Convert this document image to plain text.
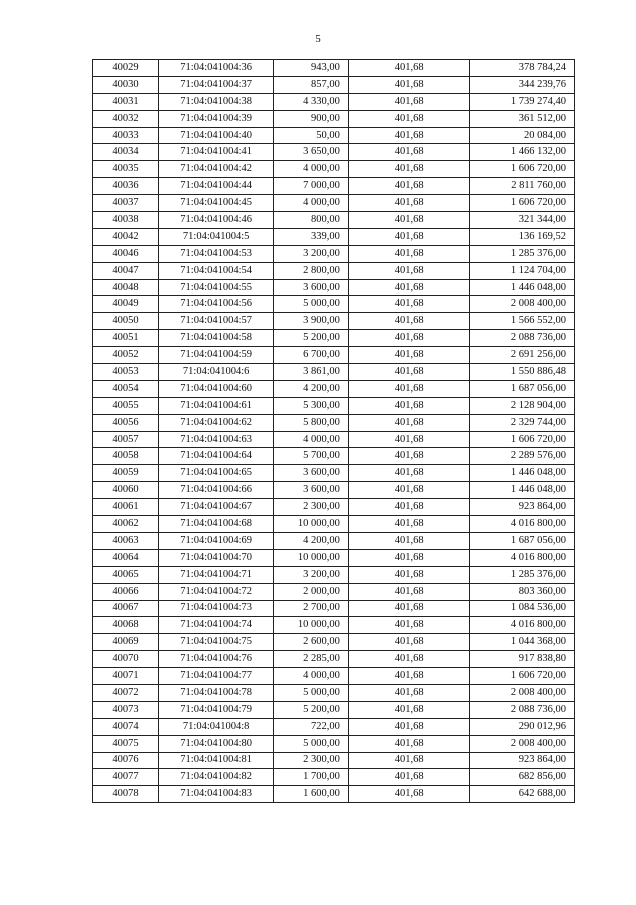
5
40029	71:04:041004:36	943,00	401,68	378 784,24
40030	71:04:041004:37	857,00	401,68	344 239,76
40031	71:04:041004:38	4 330,00	401,68	1 739 274,40
40032	71:04:041004:39	900,00	401,68	361 512,00
40033	71:04:041004:40	50,00	401,68	20 084,00
40034	71:04:041004:41	3 650,00	401,68	1 466 132,00
40035	71:04:041004:42	4 000,00	401,68	1 606 720,00
40036	71:04:041004:44	7 000,00	401,68	2 811 760,00
40037	71:04:041004:45	4 000,00	401,68	1 606 720,00
40038	71:04:041004:46	800,00	401,68	321 344,00
40042	71:04:041004:5	339,00	401,68	136 169,52
40046	71:04:041004:53	3 200,00	401,68	1 285 376,00
40047	71:04:041004:54	2 800,00	401,68	1 124 704,00
40048	71:04:041004:55	3 600,00	401,68	1 446 048,00
40049	71:04:041004:56	5 000,00	401,68	2 008 400,00
40050	71:04:041004:57	3 900,00	401,68	1 566 552,00
40051	71:04:041004:58	5 200,00	401,68	2 088 736,00
40052	71:04:041004:59	6 700,00	401,68	2 691 256,00
40053	71:04:041004:6	3 861,00	401,68	1 550 886,48
40054	71:04:041004:60	4 200,00	401,68	1 687 056,00
40055	71:04:041004:61	5 300,00	401,68	2 128 904,00
40056	71:04:041004:62	5 800,00	401,68	2 329 744,00
40057	71:04:041004:63	4 000,00	401,68	1 606 720,00
40058	71:04:041004:64	5 700,00	401,68	2 289 576,00
40059	71:04:041004:65	3 600,00	401,68	1 446 048,00
40060	71:04:041004:66	3 600,00	401,68	1 446 048,00
40061	71:04:041004:67	2 300,00	401,68	923 864,00
40062	71:04:041004:68	10 000,00	401,68	4 016 800,00
40063	71:04:041004:69	4 200,00	401,68	1 687 056,00
40064	71:04:041004:70	10 000,00	401,68	4 016 800,00
40065	71:04:041004:71	3 200,00	401,68	1 285 376,00
40066	71:04:041004:72	2 000,00	401,68	803 360,00
40067	71:04:041004:73	2 700,00	401,68	1 084 536,00
40068	71:04:041004:74	10 000,00	401,68	4 016 800,00
40069	71:04:041004:75	2 600,00	401,68	1 044 368,00
40070	71:04:041004:76	2 285,00	401,68	917 838,80
40071	71:04:041004:77	4 000,00	401,68	1 606 720,00
40072	71:04:041004:78	5 000,00	401,68	2 008 400,00
40073	71:04:041004:79	5 200,00	401,68	2 088 736,00
40074	71:04:041004:8	722,00	401,68	290 012,96
40075	71:04:041004:80	5 000,00	401,68	2 008 400,00
40076	71:04:041004:81	2 300,00	401,68	923 864,00
40077	71:04:041004:82	1 700,00	401,68	682 856,00
40078	71:04:041004:83	1 600,00	401,68	642 688,00
